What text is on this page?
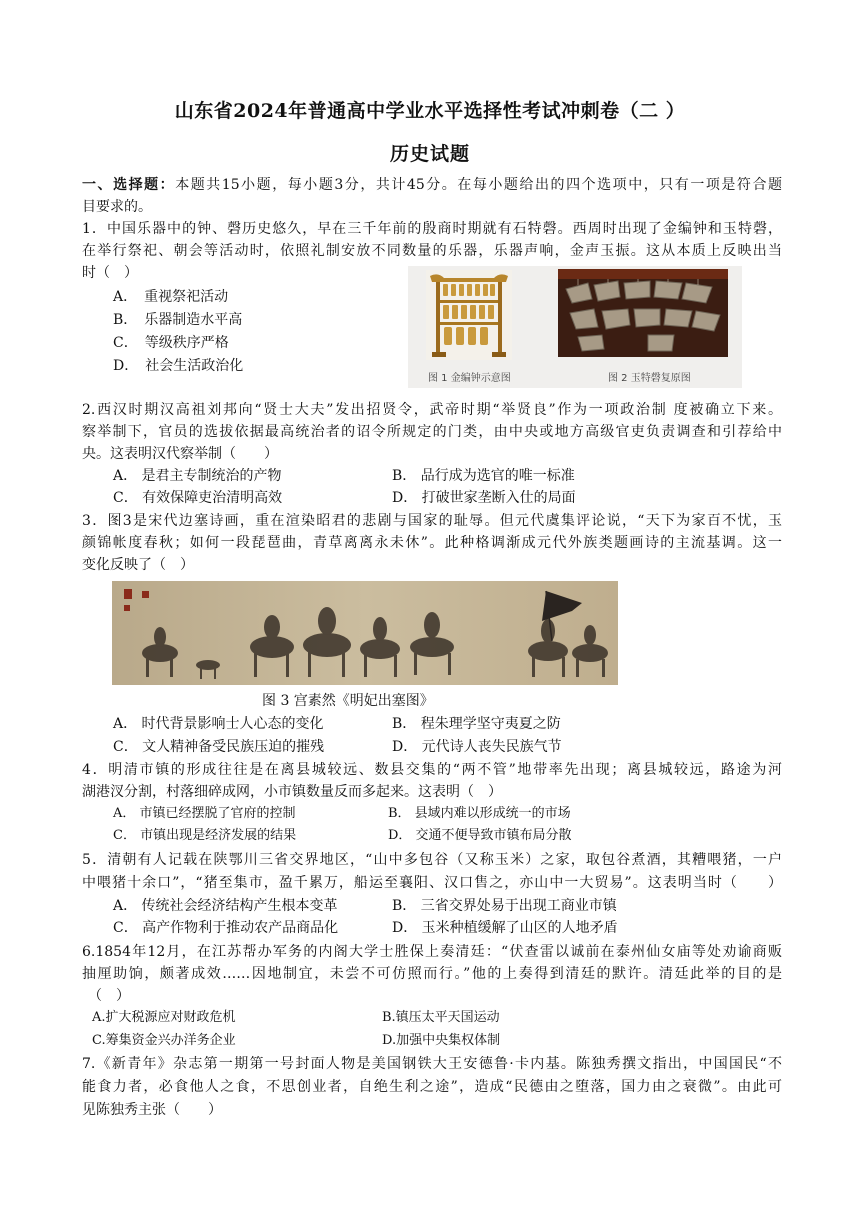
山东省2024年普通高中学业水平选择性考试冲刺卷（二 ）
历史试题
一、选择题：本题共15小题，每小题3分，共计45分。在每小题给出的四个选项中，只有一项是符合题
目要求的。
1．中国乐器中的钟、磬历史悠久，早在三千年前的殷商时期就有石特磬。西周时出现了金编钟和玉特磬，
在举行祭祀、朝会等活动时，依照礼制安放不同数量的乐器，乐器声响，金声玉振。这从本质上反映出当
时（　）
A．　重视祭祀活动
B．　乐器制造水平高
C．　等级秩序严格
D．　社会生活政治化
图 1 金编钟示意图	图 2 玉特磬复原图
2.西汉时期汉高祖刘邦向“贤士大夫”发出招贤令，武帝时期“举贤良”作为一项政治制 度被确立下来。
察举制下，官员的选拔依据最高统治者的诏令所规定的门类，由中央或地方高级官吏负责调查和引荐给中
央。这表明汉代察举制（　　）
A． 是君主专制统治的产物	B． 品行成为选官的唯一标准
C． 有效保障吏治清明高效	D． 打破世家垄断入仕的局面
3．图3是宋代边塞诗画，重在渲染昭君的悲剧与国家的耻辱。但元代虞集评论说，“天下为家百不忧，玉
颜锦帐度春秋；如何一段琵琶曲，青草离离永未休”。此种格调渐成元代外族类题画诗的主流基调。这一
变化反映了（　）
图 3 宫素然《明妃出塞图》
A． 时代背景影响士人心态的变化	B． 程朱理学坚守夷夏之防
C． 文人精神备受民族压迫的摧残	D． 元代诗人丧失民族气节
4．明清市镇的形成往往是在离县城较远、数县交集的“两不管”地带率先出现；离县城较远，路途为河
湖港汊分割，村落细碎成网，小市镇数量反而多起来。这表明（　）
A． 市镇已经摆脱了官府的控制	B． 县域内难以形成统一的市场
C． 市镇出现是经济发展的结果	D． 交通不便导致市镇布局分散
5．清朝有人记载在陕鄂川三省交界地区，“山中多包谷（又称玉米）之家，取包谷煮酒，其糟喂猪，一户
中喂猪十余口”，“猪至集市，盈千累万，船运至襄阳、汉口售之，亦山中一大贸易”。这表明当时（　　）
A． 传统社会经济结构产生根本变革	B． 三省交界处易于出现工商业市镇
C． 高产作物利于推动农产品商品化	D． 玉米种植缓解了山区的人地矛盾
6.1854年12月，在江苏帮办军务的内阁大学士胜保上奏清廷：“伏查雷以诚前在泰州仙女庙等处劝谕商贩
抽厘助饷，颇著成效……因地制宜，未尝不可仿照而行。”他的上奏得到清廷的默许。清廷此举的目的是
（　）
A.扩大税源应对财政危机	B.镇压太平天国运动
C.筹集资金兴办洋务企业	D.加强中央集权体制
7.《新青年》杂志第一期第一号封面人物是美国钢铁大王安德鲁·卡内基。陈独秀撰文指出，中国国民“不
能食力者，必食他人之食，不思创业者，自绝生利之途”，造成“民德由之堕落，国力由之衰微”。由此可
见陈独秀主张（　　）
